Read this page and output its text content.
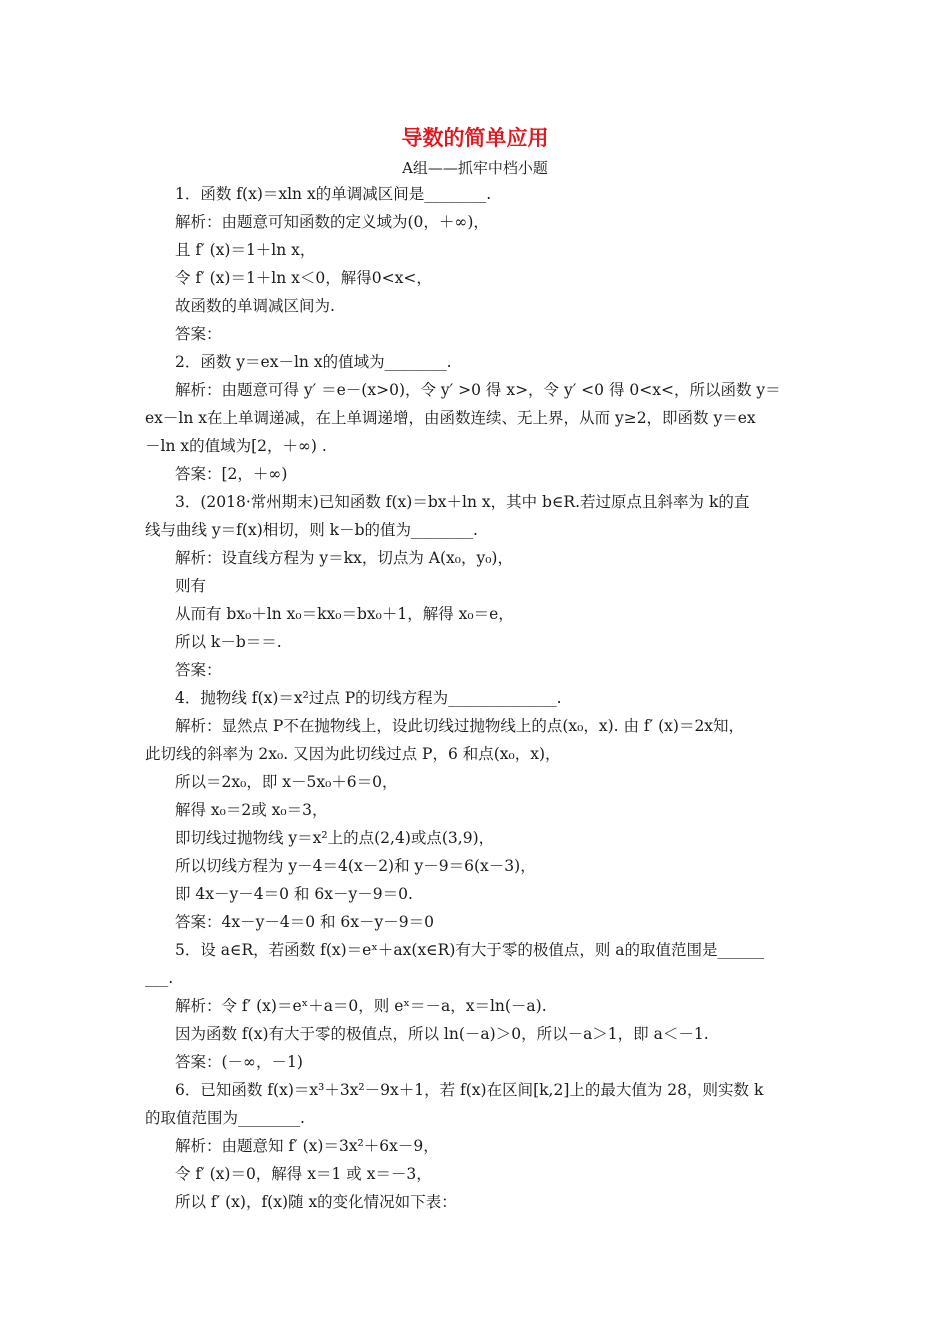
导数的简单应用
A组——抓牢中档小题
1．函数 f(x)＝xln x的单调减区间是________.
解析：由题意可知函数的定义域为(0，＋∞)，
且 f′ (x)＝1＋ln x，
令 f′ (x)＝1＋ln x＜0，解得0<x<，
故函数的单调减区间为.
答案：
2．函数 y＝ex－ln x的值域为________.
解析：由题意可得 y′ ＝e－(x>0)，令 y′ >0 得 x>，令 y′ <0 得 0<x<，所以函数 y＝
ex－ln x在上单调递减，在上单调递增，由函数连续、无上界，从而 y≥2，即函数 y＝ex
－ln x的值域为[2，＋∞) .
答案：[2，＋∞)
3．(2018·常州期末)已知函数 f(x)＝bx＋ln x，其中 b∈R.若过原点且斜率为 k的直
线与曲线 y＝f(x)相切，则 k－b的值为________.
解析：设直线方程为 y＝kx，切点为 A(x₀，y₀)，
则有
从而有 bx₀＋ln x₀＝kx₀＝bx₀＋1，解得 x₀＝e，
所以 k－b＝＝.
答案：
4．抛物线 f(x)＝x²过点 P的切线方程为______________.
解析：显然点 P不在抛物线上，设此切线过抛物线上的点(x₀，x). 由 f′ (x)＝2x知，
此切线的斜率为 2x₀. 又因为此切线过点 P，6 和点(x₀，x)，
所以＝2x₀，即 x－5x₀＋6＝0，
解得 x₀＝2或 x₀＝3，
即切线过抛物线 y＝x²上的点(2,4)或点(3,9)，
所以切线方程为 y－4＝4(x－2)和 y－9＝6(x－3)，
即 4x－y－4＝0 和 6x－y－9＝0.
答案：4x－y－4＝0 和 6x－y－9＝0
5．设 a∈R，若函数 f(x)＝eˣ＋ax(x∈R)有大于零的极值点，则 a的取值范围是______
___.
解析：令 f′ (x)＝eˣ＋a＝0，则 eˣ＝－a，x＝ln(－a).
因为函数 f(x)有大于零的极值点，所以 ln(－a)＞0，所以－a＞1，即 a＜－1.
答案：(－∞，－1)
6．已知函数 f(x)＝x³＋3x²－9x＋1，若 f(x)在区间[k,2]上的最大值为 28，则实数 k
的取值范围为________.
解析：由题意知 f′ (x)＝3x²＋6x－9，
令 f′ (x)＝0，解得 x＝1 或 x＝－3，
所以 f′ (x)，f(x)随 x的变化情况如下表：
